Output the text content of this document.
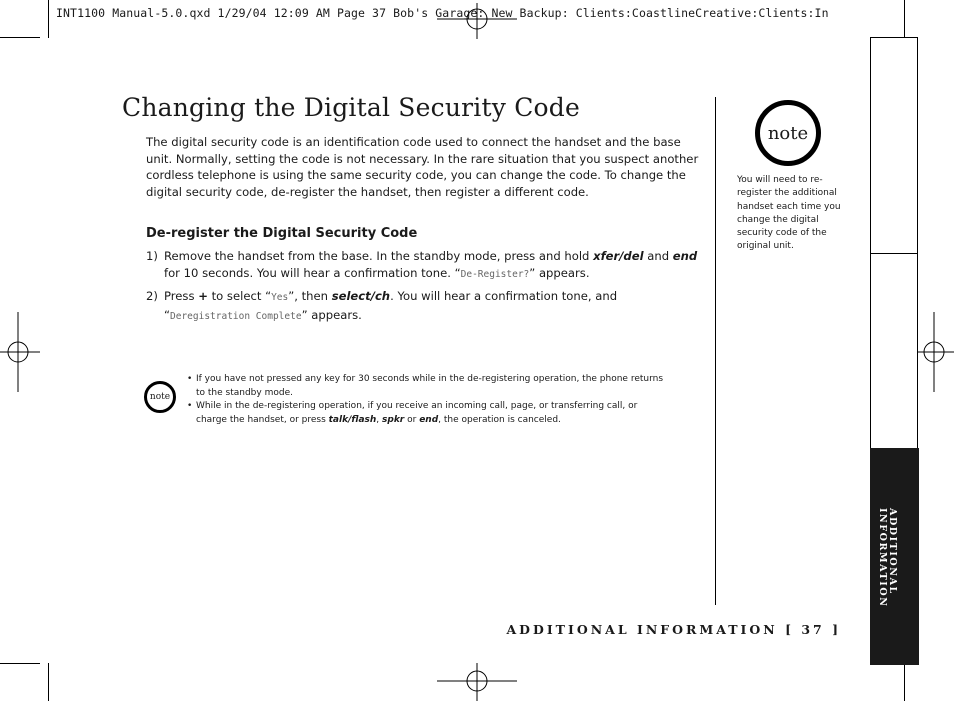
INT1100 Manual-5.0.qxd 1/29/04 12:09 AM Page 37 Bob's Garage: New Backup: Clients:CoastlineCreative:Clients:In
Changing the Digital Security Code

The digital security code is an identification code used to connect the handset and the base unit. Normally, setting the code is not necessary. In the rare situation that you suspect another cordless telephone is using the same security code, you can change the code. To change the digital security code, de-register the handset, then register a different code.

De-register the Digital Security Code
1) Remove the handset from the base. In the standby mode, press and hold xfer/del and end for 10 seconds. You will hear a confirmation tone. “De-Register?” appears.
2) Press + to select “Yes”, then select/ch. You will hear a confirmation tone, and “Deregistration Complete” appears.
note
• If you have not pressed any key for 30 seconds while in the de-registering operation, the phone returns to the standby mode.
• While in the de-registering operation, if you receive an incoming call, page, or transferring call, or charge the handset, or press talk/flash, spkr or end, the operation is canceled.
note

You will need to re-register the additional handset each time you change the digital security code of the original unit.

ADDITIONAL
INFORMATION

ADDITIONAL INFORMATION [ 37 ]
